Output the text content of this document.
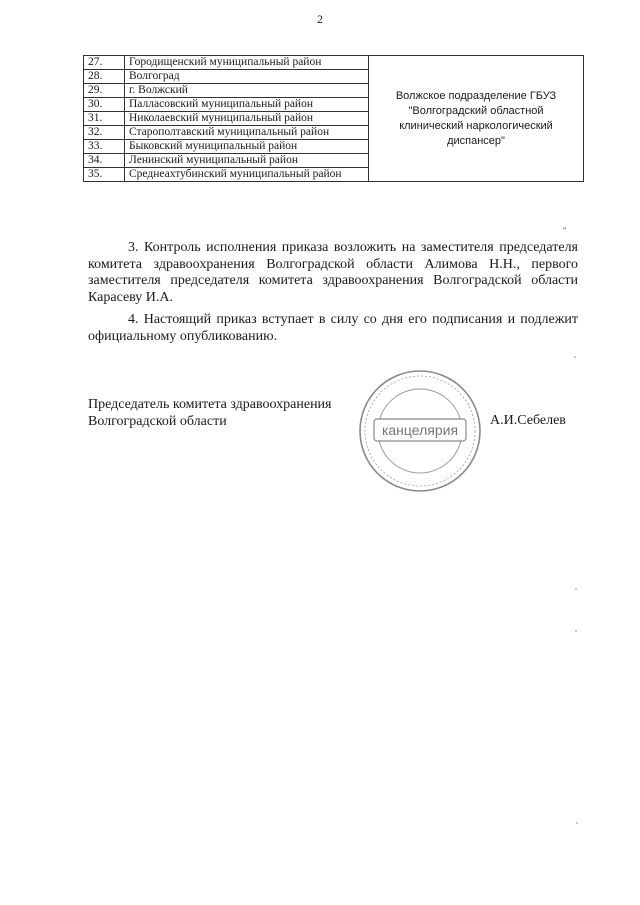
2
27.	Городищенский муниципальный район	Волжское подразделение ГБУЗ "Волгоградский областной клинический наркологический диспансер"
28.	Волгоград	
29.	г. Волжский	
30.	Палласовский муниципальный район	
31.	Николаевский муниципальный район	
32.	Старополтавский муниципальный район	
33.	Быковский муниципальный район	
34.	Ленинский муниципальный район	
35.	Среднеахтубинский муниципальный район	
"
3. Контроль исполнения приказа возложить на заместителя председателя комитета здравоохранения Волгоградской области Алимова Н.Н., первого заместителя председателя комитета здравоохранения Волгоградской области Карасеву И.А.
4. Настоящий приказ вступает в силу со дня его подписания и подлежит официальному опубликованию.
Председатель комитета здравоохранения
Волгоградской области
канцелярия
А.И.Себелев
